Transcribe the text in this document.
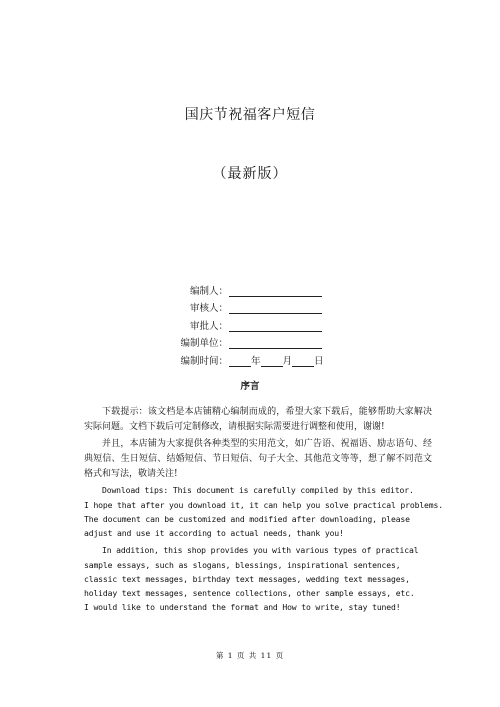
国庆节祝福客户短信
（最新版）
编制人：
审核人：
审批人：
编制单位：
编制时间： 年 月 日
序言

下载提示：该文档是本店铺精心编制而成的，希望大家下载后，能够帮助大家解决实际问题。文档下载后可定制修改，请根据实际需要进行调整和使用，谢谢!

并且，本店铺为大家提供各种类型的实用范文，如广告语、祝福语、励志语句、经典短信、生日短信、结婚短信、节日短信、句子大全、其他范文等等，想了解不同范文格式和写法，敬请关注!

Download tips: This document is carefully compiled by this editor.
I hope that after you download it, it can help you solve practical problems.
The document can be customized and modified after downloading, please
adjust and use it according to actual needs, thank you!

In addition, this shop provides you with various types of practical
sample essays, such as slogans, blessings, inspirational sentences,
classic text messages, birthday text messages, wedding text messages,
holiday text messages, sentence collections, other sample essays, etc.
I would like to understand the format and How to write, stay tuned!

第 1 页 共 11 页
